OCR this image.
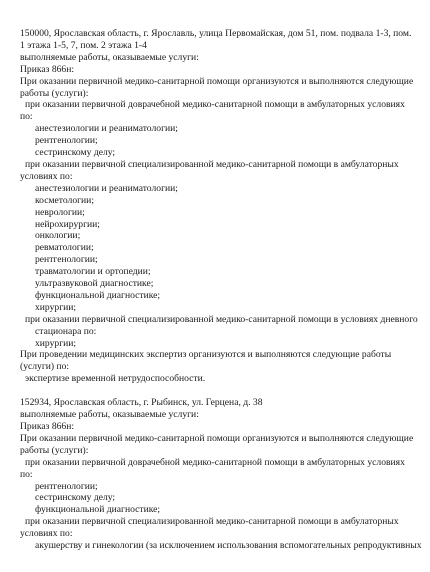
150000, Ярославская область, г. Ярославль, улица Первомайская, дом 51, пом. подвала 1-3, пом.

1 этажа 1-5, 7, пом. 2 этажа 1-4

выполняемые работы, оказываемые услуги:

Приказ 866н:

При оказании первичной медико-санитарной помощи организуются и выполняются следующие

работы (услуги):

при оказании первичной доврачебной медико-санитарной помощи в амбулаторных условиях

по:

анестезиологии и реаниматологии;

рентгенологии;

сестринскому делу;

при оказании первичной специализированной медико-санитарной помощи в амбулаторных

условиях по:

анестезиологии и реаниматологии;

косметологии;

неврологии;

нейрохирургии;

онкологии;

ревматологии;

рентгенологии;

травматологии и ортопедии;

ультразвуковой диагностике;

функциональной диагностике;

хирургии;

при оказании первичной специализированной медико-санитарной помощи в условиях дневного

стационара по:

хирургии;

При проведении медицинских экспертиз организуются и выполняются следующие работы

(услуги) по:

экспертизе временной нетрудоспособности.

152934, Ярославская область, г. Рыбинск, ул. Герцена, д. 38

выполняемые работы, оказываемые услуги:

Приказ 866н:

При оказании первичной медико-санитарной помощи организуются и выполняются следующие

работы (услуги):

при оказании первичной доврачебной медико-санитарной помощи в амбулаторных условиях

по:

рентгенологии;

сестринскому делу;

функциональной диагностике;

при оказании первичной специализированной медико-санитарной помощи в амбулаторных

условиях по:

акушерству и гинекологии (за исключением использования вспомогательных репродуктивных
